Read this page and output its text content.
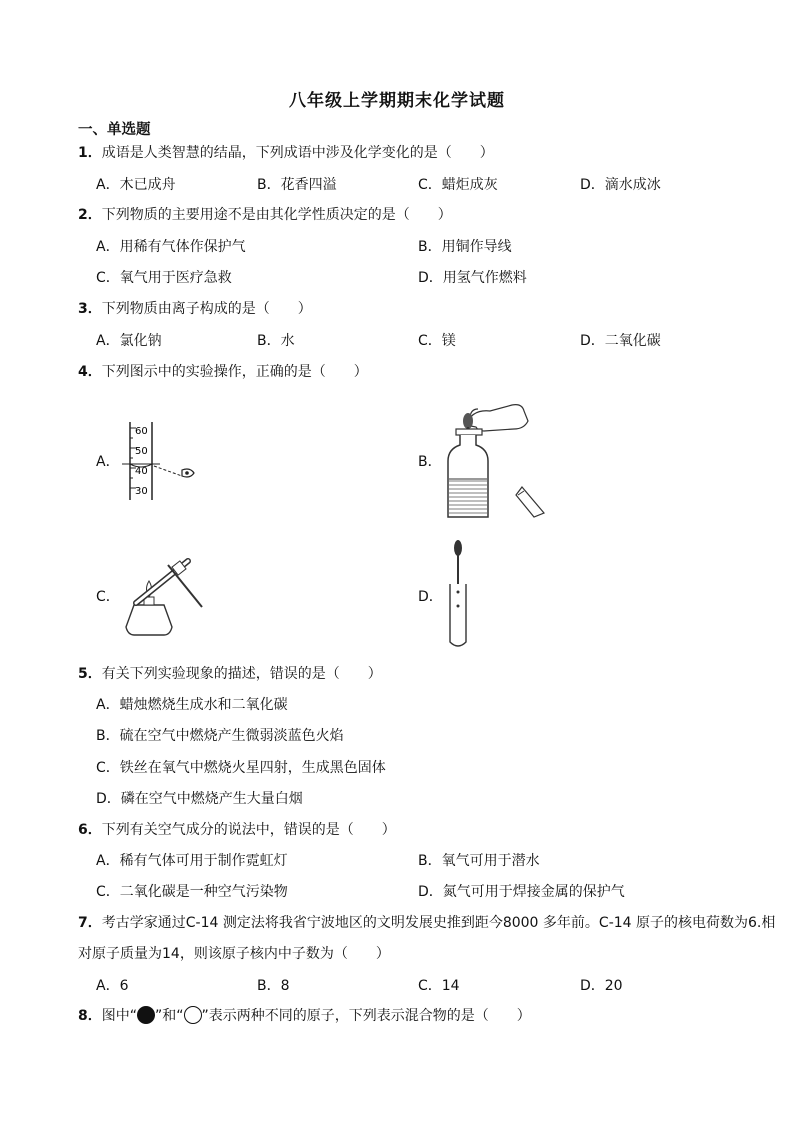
八年级上学期期末化学试题
一、单选题
1．成语是人类智慧的结晶，下列成语中涉及化学变化的是（　　）
A．木已成舟	B．花香四溢	C．蜡炬成灰	D．滴水成冰
2．下列物质的主要用途不是由其化学性质决定的是（　　）
A．用稀有气体作保护气	B．用铜作导线
C．氧气用于医疗急救	D．用氢气作燃料
3．下列物质由离子构成的是（　　）
A．氯化钠	B．水	C．镁	D．二氧化碳
4．下列图示中的实验操作，正确的是（　　）
A．	B．
C．	D．
60
50
40
30
5．有关下列实验现象的描述，错误的是（　　）
A．蜡烛燃烧生成水和二氧化碳
B．硫在空气中燃烧产生微弱淡蓝色火焰
C．铁丝在氧气中燃烧火星四射，生成黑色固体
D．磷在空气中燃烧产生大量白烟
6．下列有关空气成分的说法中，错误的是（　　）
A．稀有气体可用于制作霓虹灯	B．氧气可用于潜水
C．二氧化碳是一种空气污染物	D．氮气可用于焊接金属的保护气
7．考古学家通过C-14 测定法将我省宁波地区的文明发展史推到距今8000 多年前。C-14 原子的核电荷数为6.相对原子质量为14，则该原子核内中子数为（　　）
A．6	B．8	C．14	D．20
8．图中“ ”和“ ”表示两种不同的原子，下列表示混合物的是（　　）
